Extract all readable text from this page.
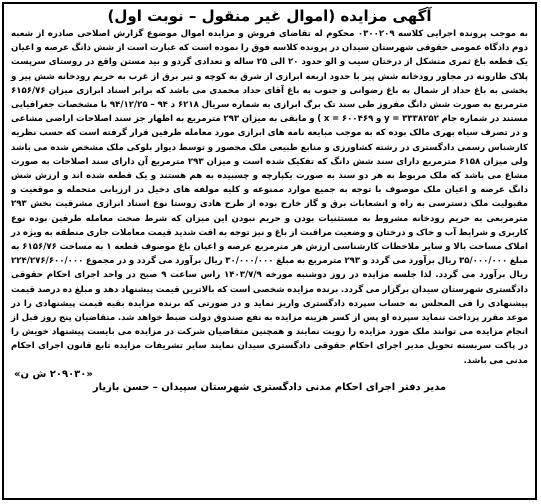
آگهی مزایده (اموال غیر منقول – نوبت اول)
به موجب پرونده اجرایی کلاسه ۰۳۰۰۲۰۹ محکوم له تقاضای فروش و مزایده اموال موضوع گزارش اصلاحی صادره از شعبه دوم دادگاه عمومی حقوقی شهرستان سیدان در پرونده کلاسه فوق را نموده است که عبارت است از شش دانگ عرصه و اعیان یک قطعه باغ ثمری متشکل از درختان سیب و الو حدود ۲۰ الی ۲۵ ساله و تعدادی گردو و بید مستن واقع در روستای سرپست پلاک طارونه در مجاور رودخانه شش پیر با حدود اربعه ابرازی از شرق به کوچه و تیر برق از غرب به حریم رودخانه شش پیر و بخشی به باغ حداد از شمال به باغ رضوانی و جنوب به باغ آقای حداد محمدی می باشد که برابر اسناد ابرازی میزان ۶۱۵۶/۷۶ مترمربع به صورت شش دانگ مفروز طی سند تک برگ ابرازی به شماره سریال ۶۲۱۸ د ۹۴ – ۹۴/۱۲/۲۵ با مشخصات جغرافیایی مستند در شماره جام ۳۳۳۸۲۵۲ = y و ۶۰۰۴۶۹ = x ) و مابقی به میزان ۲۹۳ مترمربع به اظهار جز سند اصلاحات اراضی مشاعی و در تصرف سیاه بهری مالک بوده که به موجب مبایعه نامه های ابرازی مورد معامله طرفین قرار گرفته است که حسب نظریه کارشناس رسمی دادگستری در رشته کشاورزی و منابع طبیعی ملک محصور و توسط دیوار بلوکی ملک مشخص شده می باشد ولی میزان ۶۱۵۸ مترمربع دارای سند شش دانگ که تفکیک شده است و میزان ۲۹۳ مترمربع آن دارای سند اصلاحات به صورت مشاع می باشد که ملک مربوط به هر دو سند به صورت یکپارچه و چسبیده به هم هستند و یک قطعه شده اند و ارزش شش دانگ عرصه و اعیان ملک موصوف با توجه به جمیع موارد ممنوعه و کلیه مولفه های دخیل در ارزیابی متحمله و موقعیت و مقبولیت ملک دسترسی به راه و انشعابات برق و گاز خارج بوده از طرح هادی روستا نوع اسناد ابرازی مشرقیت بخش ۲۹۳ مترمربعی به حریم رودخانه مشروط به مستثنیات بودن و حریم نبودن این میزان که شرط صحت معامله طرفین بوده نوع کاربری و شرایط آب و خاک و درختان و وضعیت مراقبت از باغ و نیز توجه به افت شدید قیمت معاملات جاری منطقه به ویژه در املاک مساحت بالا و سایر ملاحظات کارشناسی ارزش هر مترمربع عرصه و اعیان باغ موصوف قطعه ۱ به مساحت ۶۱۵۶/۷۶ به مبلغ ۳۵/۰۰۰/۰۰۰ ریال برآورد می گردد و ۲۹۳ مترمربع به مبلغ ۳۰/۰۰۰/۰۰۰ ریال برآورد می گردد و در مجموع ۲۲۴/۲۷۶/۶۰۰/۰۰۰ ریال برآورد می گردد. لذا جلسه مزایده در روز دوشنبه مورخه ۱۴۰۳/۷/۹ راس ساعت ۹ صبح در واحد اجرای احکام حقوقی دادگستری شهرستان سیدان برگزار می گردد. برنده مزایده شخصی است که بالاترین قیمت پیشنهاد دهد و مبلغ ده درصد قیمت پیشنهادی را فی المجلس به حساب سپرده دادگستری واریز نماید و در صورتی که برنده مزایده بقیه قیمت پیشنهادی را در موعد مقرر پرداخت ننماید سپرده او پس از کسر هزینه مزایده به نفع صندوق دولت ضبط خواهد شد. متقاضیان پنج روز قبل از انجام مزایده می توانند ملک مورد مزایده را رویت نمایند و همچنین متقاضیان شرکت در مزایده می بایست پیشنهاد خویش را در پاکت سربسته تحویل مدیر اجرای احکام حقوقی دادگستری سیدان نمایند سایر تشریفات مزایده تابع قانون اجرای احکام مدنی می باشد.
«۲۰۹۰۳۰ ش ن»
مدیر دفتر اجرای احکام مدنی دادگستری شهرستان سپیدان – حسن بازیار
